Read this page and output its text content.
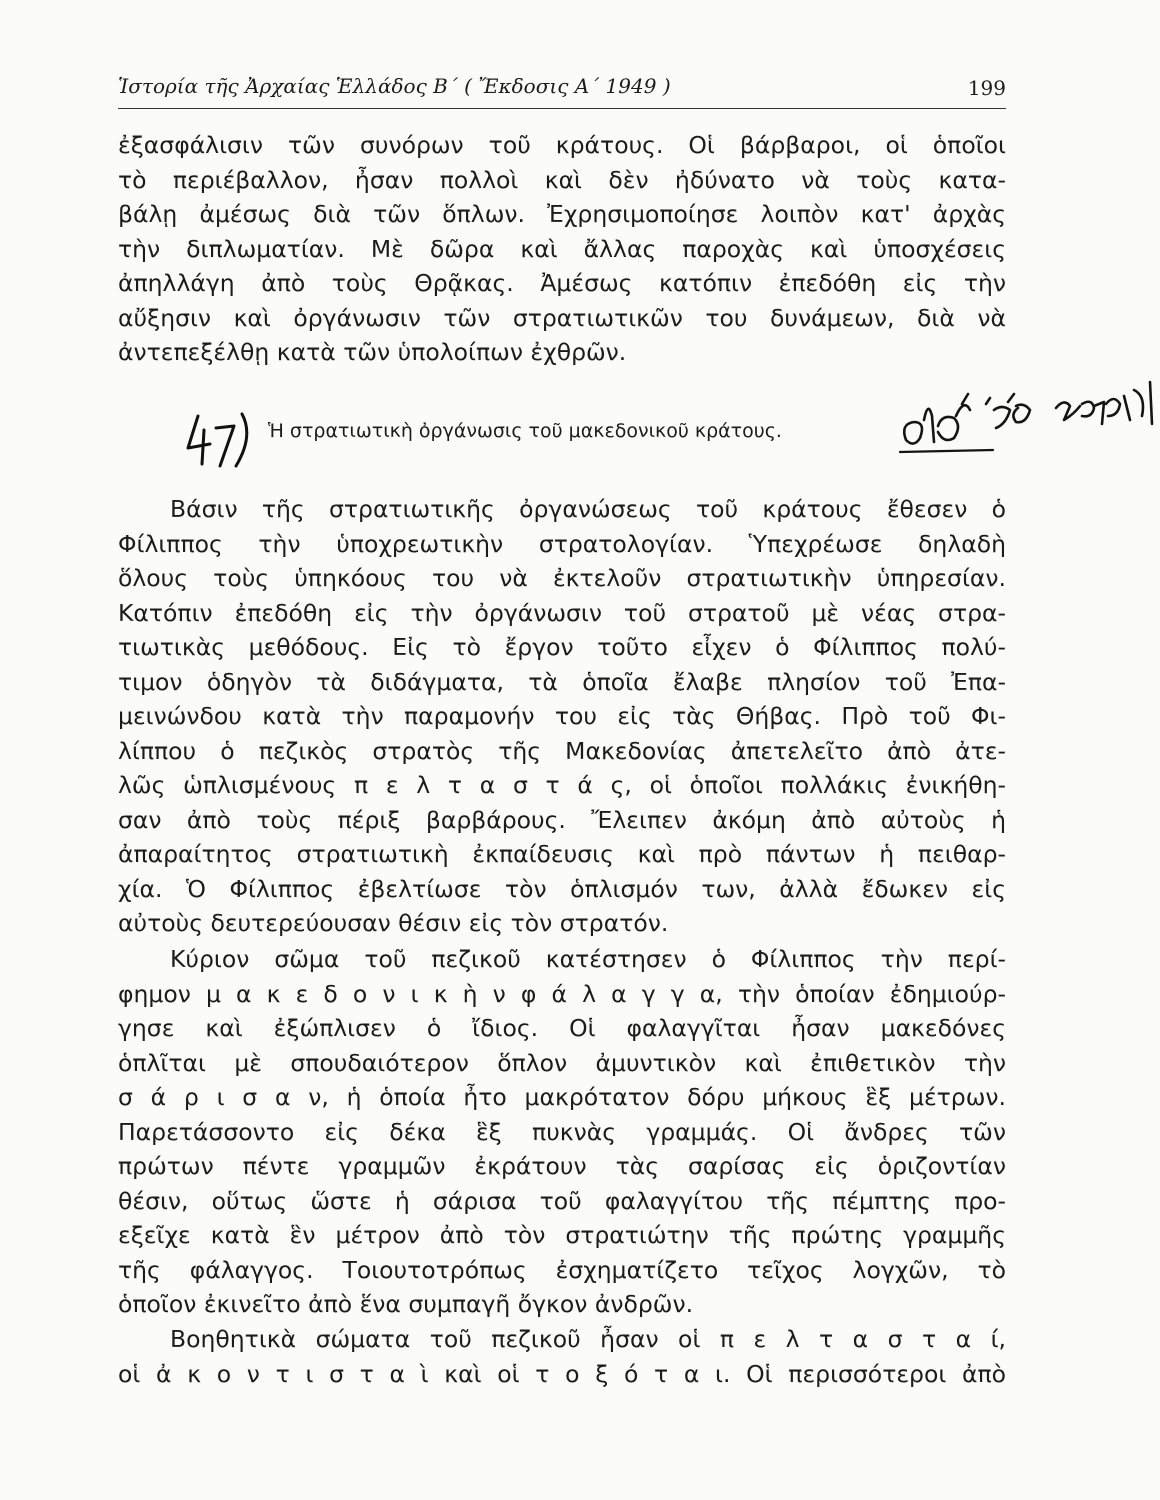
Ἱστορία τῆς Ἀρχαίας Ἑλλάδος Β΄ ( Ἔκδοσις Α΄ 1949 )	199
ἐξασφάλισιν τῶν συνόρων τοῦ κράτους. Οἱ βάρβαροι, οἱ ὁποῖοι
τὸ περιέβαλλον, ἦσαν πολλοὶ καὶ δὲν ἠδύνατο νὰ τοὺς κατα-
βάλῃ ἀμέσως διὰ τῶν ὅπλων. Ἐχρησιμοποίησε λοιπὸν κατ' ἀρχὰς
τὴν διπλωματίαν. Μὲ δῶρα καὶ ἄλλας παροχὰς καὶ ὑποσχέσεις
ἀπηλλάγη ἀπὸ τοὺς Θρᾷκας. Ἀμέσως κατόπιν ἐπεδόθη εἰς τὴν
αὔξησιν καὶ ὀργάνωσιν τῶν στρατιωτικῶν του δυνάμεων, διὰ νὰ
ἀντεπεξέλθῃ κατὰ τῶν ὑπολοίπων ἐχθρῶν.
Ἡ στρατιωτικὴ ὀργάνωσις τοῦ μακεδονικοῦ κράτους.
Βάσιν τῆς στρατιωτικῆς ὀργανώσεως τοῦ κράτους ἔθεσεν ὁ
Φίλιππος τὴν ὑποχρεωτικὴν στρατολογίαν. Ὑπεχρέωσε δηλαδὴ
ὅλους τοὺς ὑπηκόους του νὰ ἐκτελοῦν στρατιωτικὴν ὑπηρεσίαν.
Κατόπιν ἐπεδόθη εἰς τὴν ὀργάνωσιν τοῦ στρατοῦ μὲ νέας στρα-
τιωτικὰς μεθόδους. Εἰς τὸ ἔργον τοῦτο εἶχεν ὁ Φίλιππος πολύ-
τιμον ὁδηγὸν τὰ διδάγματα, τὰ ὁποῖα ἔλαβε πλησίον τοῦ Ἐπα-
μεινώνδου κατὰ τὴν παραμονήν του εἰς τὰς Θήβας. Πρὸ τοῦ Φι-
λίππου ὁ πεζικὸς στρατὸς τῆς Μακεδονίας ἀπετελεῖτο ἀπὸ ἀτε-
λῶς ὡπλισμένους π ε λ τ α σ τ ά ς, οἱ ὁποῖοι πολλάκις ἐνικήθη-
σαν ἀπὸ τοὺς πέριξ βαρβάρους. Ἔλειπεν ἀκόμη ἀπὸ αὐτοὺς ἡ
ἀπαραίτητος στρατιωτικὴ ἐκπαίδευσις καὶ πρὸ πάντων ἡ πειθαρ-
χία. Ὁ Φίλιππος ἐβελτίωσε τὸν ὁπλισμόν των, ἀλλὰ ἔδωκεν εἰς
αὐτοὺς δευτερεύουσαν θέσιν εἰς τὸν στρατόν.
Κύριον σῶμα τοῦ πεζικοῦ κατέστησεν ὁ Φίλιππος τὴν περί-
φημον μ α κ ε δ ο ν ι κ ὴ ν φ ά λ α γ γ α, τὴν ὁποίαν ἐδημιούρ-
γησε καὶ ἐξώπλισεν ὁ ἴδιος. Οἱ φαλαγγῖται ἦσαν μακεδόνες
ὁπλῖται μὲ σπουδαιότερον ὅπλον ἀμυντικὸν καὶ ἐπιθετικὸν τὴν
σ ά ρ ι σ α ν, ἡ ὁποία ἦτο μακρότατον δόρυ μήκους ἓξ μέτρων.
Παρετάσσοντο εἰς δέκα ἓξ πυκνὰς γραμμάς. Οἱ ἄνδρες τῶν
πρώτων πέντε γραμμῶν ἐκράτουν τὰς σαρίσας εἰς ὁριζοντίαν
θέσιν, οὕτως ὥστε ἡ σάρισα τοῦ φαλαγγίτου τῆς πέμπτης προ-
εξεῖχε κατὰ ἓν μέτρον ἀπὸ τὸν στρατιώτην τῆς πρώτης γραμμῆς
τῆς φάλαγγος. Τοιουτοτρόπως ἐσχηματίζετο τεῖχος λογχῶν, τὸ
ὁποῖον ἐκινεῖτο ἀπὸ ἕνα συμπαγῆ ὄγκον ἀνδρῶν.
Βοηθητικὰ σώματα τοῦ πεζικοῦ ἦσαν οἱ π ε λ τ α σ τ α ί,
οἱ ἀ κ ο ν τ ι σ τ α ὶ καὶ οἱ τ ο ξ ό τ α ι. Οἱ περισσότεροι ἀπὸ
